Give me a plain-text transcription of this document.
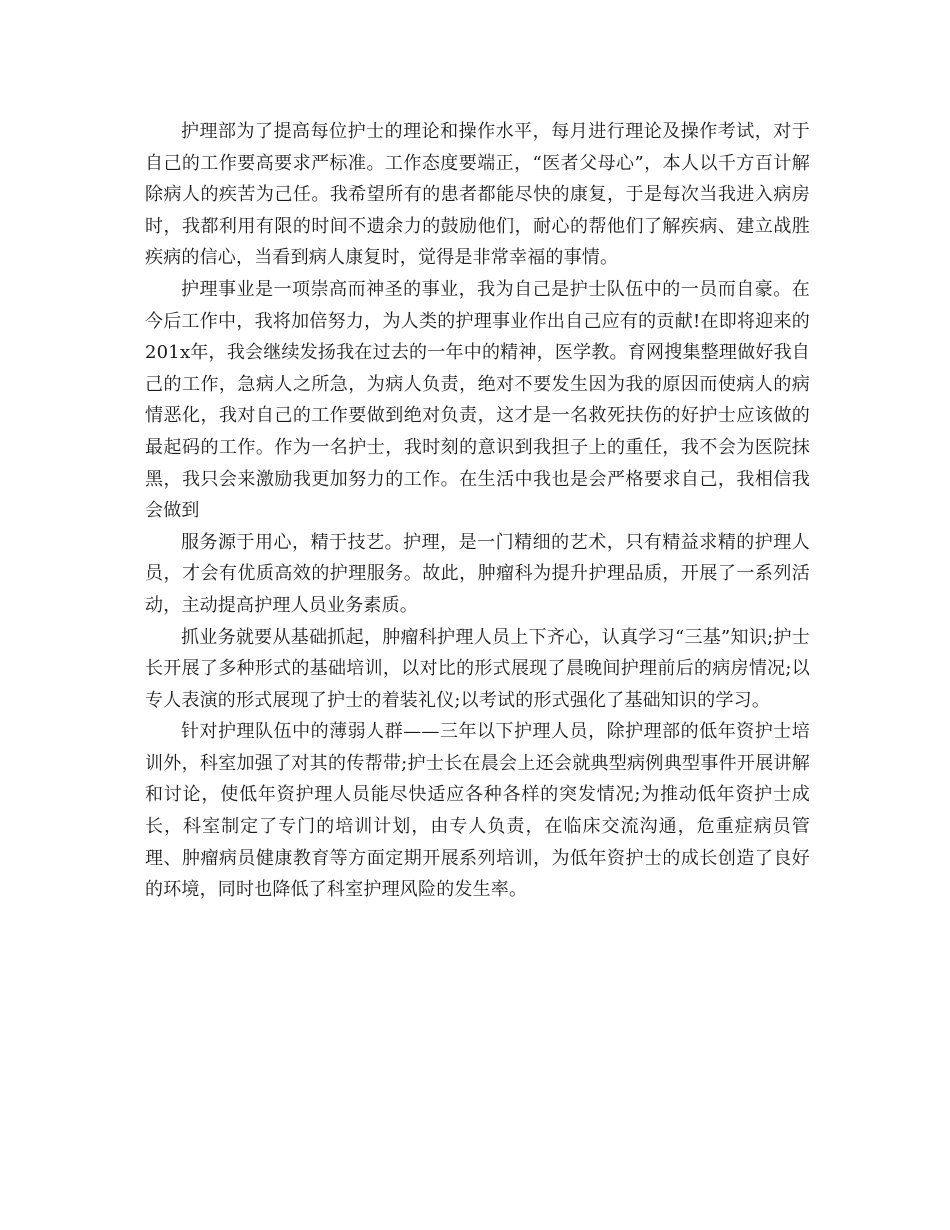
护理部为了提高每位护士的理论和操作水平，每月进行理论及操作考试，对于自己的工作要高要求严标准。工作态度要端正，“医者父母心”，本人以千方百计解除病人的疾苦为己任。我希望所有的患者都能尽快的康复，于是每次当我进入病房时，我都利用有限的时间不遗余力的鼓励他们，耐心的帮他们了解疾病、建立战胜疾病的信心，当看到病人康复时，觉得是非常幸福的事情。

护理事业是一项崇高而神圣的事业，我为自己是护士队伍中的一员而自豪。在今后工作中，我将加倍努力，为人类的护理事业作出自己应有的贡献!在即将迎来的201x年，我会继续发扬我在过去的一年中的精神，医学教。育网搜集整理做好我自己的工作，急病人之所急，为病人负责，绝对不要发生因为我的原因而使病人的病情恶化，我对自己的工作要做到绝对负责，这才是一名救死扶伤的好护士应该做的最起码的工作。作为一名护士，我时刻的意识到我担子上的重任，我不会为医院抹黑，我只会来激励我更加努力的工作。在生活中我也是会严格要求自己，我相信我会做到

服务源于用心，精于技艺。护理，是一门精细的艺术，只有精益求精的护理人员，才会有优质高效的护理服务。故此，肿瘤科为提升护理品质，开展了一系列活动，主动提高护理人员业务素质。

抓业务就要从基础抓起，肿瘤科护理人员上下齐心，认真学习“三基”知识;护士长开展了多种形式的基础培训，以对比的形式展现了晨晚间护理前后的病房情况;以专人表演的形式展现了护士的着装礼仪;以考试的形式强化了基础知识的学习。

针对护理队伍中的薄弱人群——三年以下护理人员，除护理部的低年资护士培训外，科室加强了对其的传帮带;护士长在晨会上还会就典型病例典型事件开展讲解和讨论，使低年资护理人员能尽快适应各种各样的突发情况;为推动低年资护士成长，科室制定了专门的培训计划，由专人负责，在临床交流沟通，危重症病员管理、肿瘤病员健康教育等方面定期开展系列培训，为低年资护士的成长创造了良好的环境，同时也降低了科室护理风险的发生率。
